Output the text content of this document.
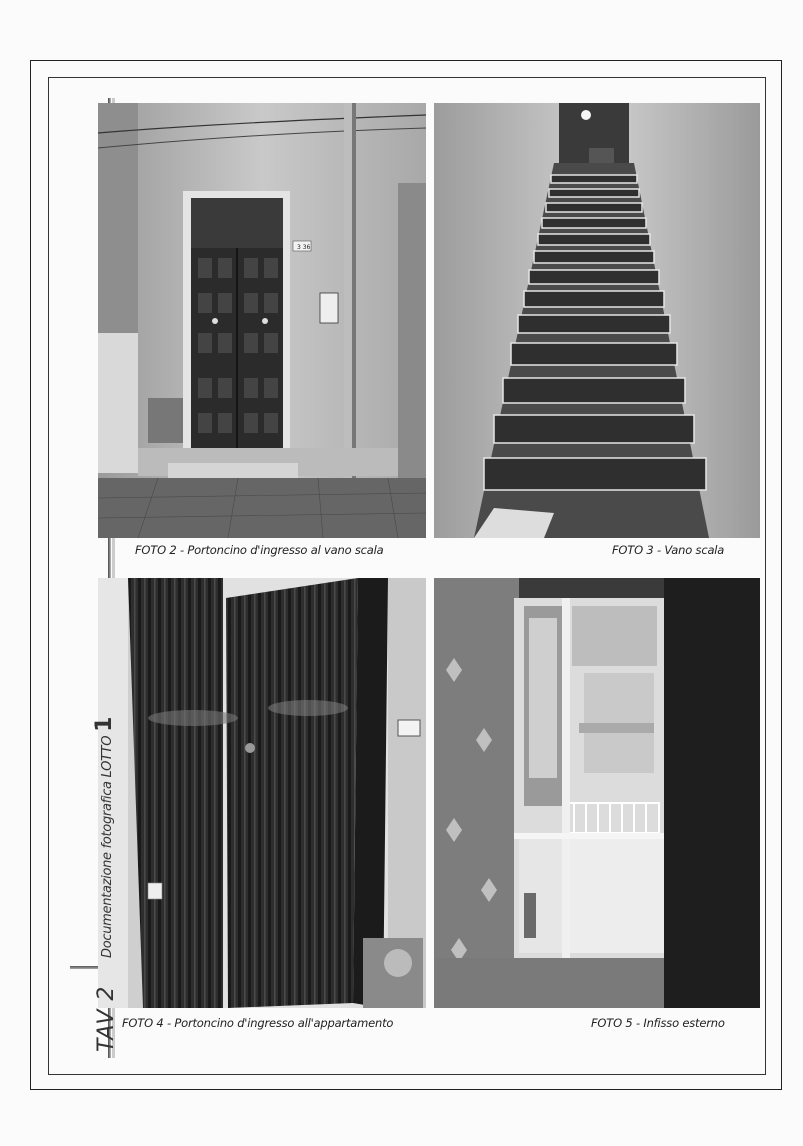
3 36
FOTO 2 - Portoncino d'ingresso al vano scala	FOTO 3 - Vano scala
FOTO 4 - Portoncino d'ingresso all'appartamento	FOTO 5 - Infisso esterno
Documentazione fotografica LOTTO 1
TAV 2
